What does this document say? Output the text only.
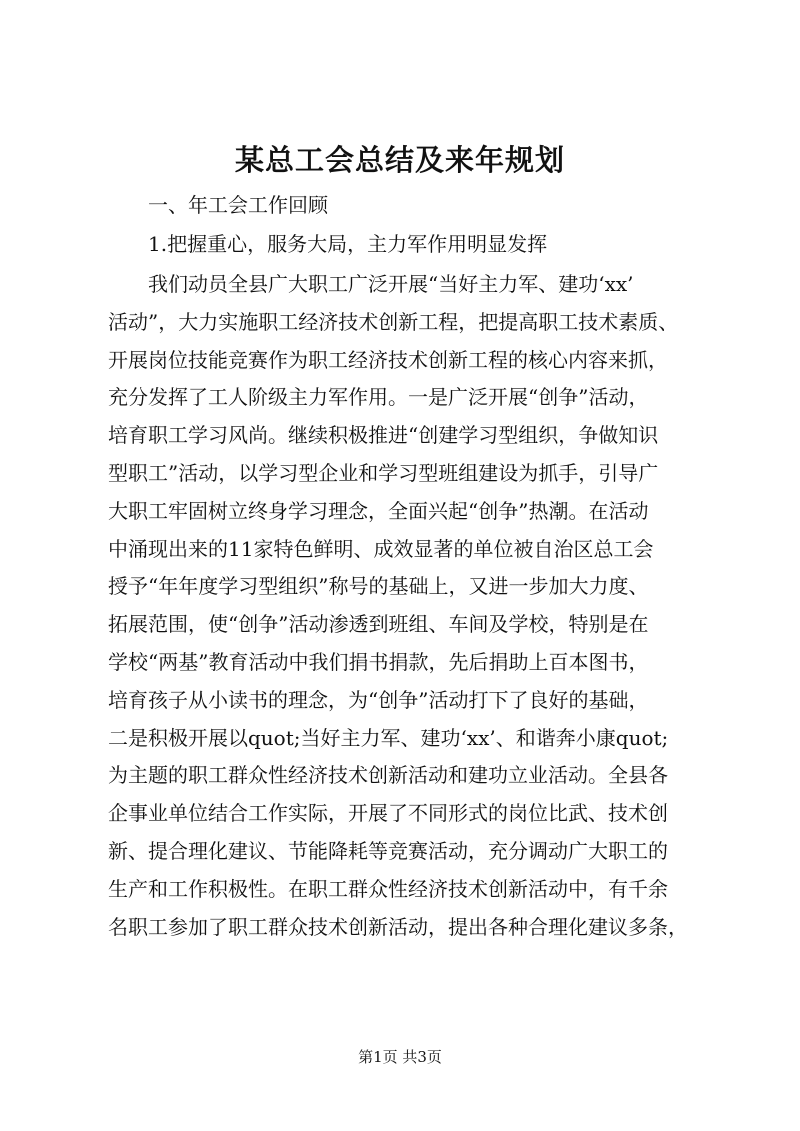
某总工会总结及来年规划
一、年工会工作回顾
1.把握重心，服务大局，主力军作用明显发挥
我们动员全县广大职工广泛开展“当好主力军、建功‘xx’
活动”，大力实施职工经济技术创新工程，把提高职工技术素质、
开展岗位技能竞赛作为职工经济技术创新工程的核心内容来抓，
充分发挥了工人阶级主力军作用。一是广泛开展“创争”活动，
培育职工学习风尚。继续积极推进“创建学习型组织，争做知识
型职工”活动，以学习型企业和学习型班组建设为抓手，引导广
大职工牢固树立终身学习理念，全面兴起“创争”热潮。在活动
中涌现出来的11家特色鲜明、成效显著的单位被自治区总工会
授予“年年度学习型组织”称号的基础上，又进一步加大力度、
拓展范围，使“创争”活动渗透到班组、车间及学校，特别是在
学校“两基”教育活动中我们捐书捐款，先后捐助上百本图书，
培育孩子从小读书的理念，为“创争”活动打下了良好的基础，
二是积极开展以quot;当好主力军、建功‘xx’、和谐奔小康quot;
为主题的职工群众性经济技术创新活动和建功立业活动。全县各
企事业单位结合工作实际，开展了不同形式的岗位比武、技术创
新、提合理化建议、节能降耗等竞赛活动，充分调动广大职工的
生产和工作积极性。在职工群众性经济技术创新活动中，有千余
名职工参加了职工群众技术创新活动，提出各种合理化建议多条，
第1页 共3页
